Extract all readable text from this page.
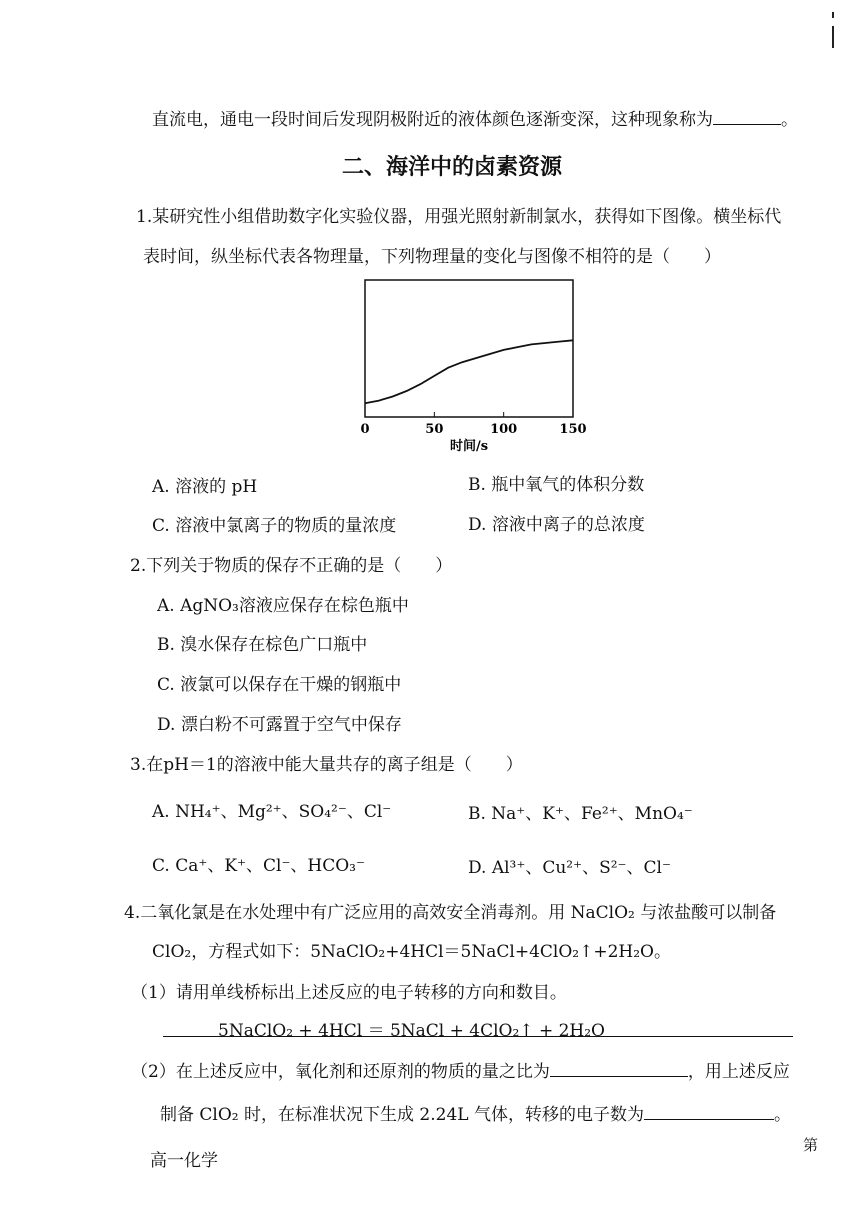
直流电，通电一段时间后发现阴极附近的液体颜色逐渐变深，这种现象称为	。
二、海洋中的卤素资源
1.某研究性小组借助数字化实验仪器，用强光照射新制氯水，获得如下图像。横坐标代
表时间，纵坐标代表各物理量，下列物理量的变化与图像不相符的是（　　）
0	50	100	150
时间/s
A. 溶液的 pH	B. 瓶中氧气的体积分数
C. 溶液中氯离子的物质的量浓度	D. 溶液中离子的总浓度
2.下列关于物质的保存不正确的是（　　）
A. AgNO₃溶液应保存在棕色瓶中
B. 溴水保存在棕色广口瓶中
C. 液氯可以保存在干燥的钢瓶中
D. 漂白粉不可露置于空气中保存
3.在pH＝1的溶液中能大量共存的离子组是（　　）
A. NH₄⁺、Mg²⁺、SO₄²⁻、Cl⁻	B. Na⁺、K⁺、Fe²⁺、MnO₄⁻
C. Ca⁺、K⁺、Cl⁻、HCO₃⁻	D. Al³⁺、Cu²⁺、S²⁻、Cl⁻
4.二氧化氯是在水处理中有广泛应用的高效安全消毒剂。用 NaClO₂ 与浓盐酸可以制备
ClO₂，方程式如下：5NaClO₂+4HCl＝5NaCl+4ClO₂↑+2H₂O。
（1）请用单线桥标出上述反应的电子转移的方向和数目。
5NaClO₂ + 4HCl ＝ 5NaCl + 4ClO₂↑ + 2H₂O
（2）在上述反应中，氧化剂和还原剂的物质的量之比为	，用上述反应
制备 ClO₂ 时，在标准状况下生成 2.24L 气体，转移的电子数为	。
高一化学
第
